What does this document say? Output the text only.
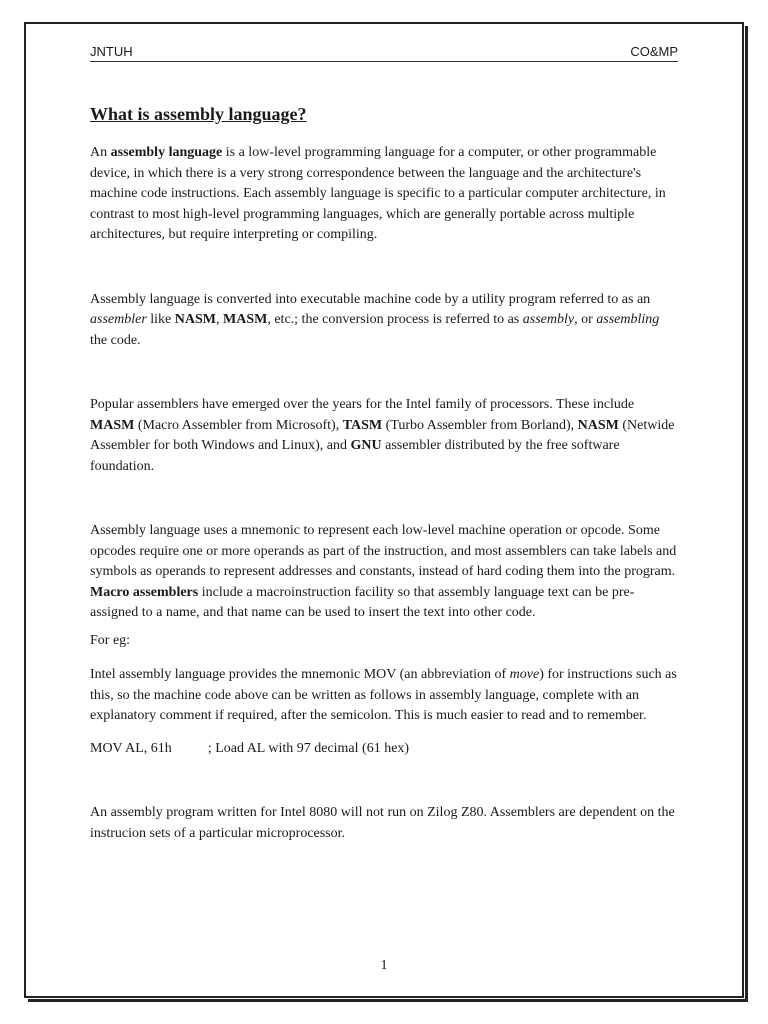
JNTUH	CO&MP
What is assembly language?

An assembly language is a low-level programming language for a computer, or other programmable device, in which there is a very strong correspondence between the language and the architecture's machine code instructions. Each assembly language is specific to a particular computer architecture, in contrast to most high-level programming languages, which are generally portable across multiple architectures, but require interpreting or compiling.

Assembly language is converted into executable machine code by a utility program referred to as an assembler like NASM, MASM, etc.; the conversion process is referred to as assembly, or assembling the code.

Popular assemblers have emerged over the years for the Intel family of processors. These include MASM (Macro Assembler from Microsoft), TASM (Turbo Assembler from Borland), NASM (Netwide Assembler for both Windows and Linux), and GNU assembler distributed by the free software foundation.

Assembly language uses a mnemonic to represent each low-level machine operation or opcode. Some opcodes require one or more operands as part of the instruction, and most assemblers can take labels and symbols as operands to represent addresses and constants, instead of hard coding them into the program. Macro assemblers include a macroinstruction facility so that assembly language text can be pre-assigned to a name, and that name can be used to insert the text into other code.

For eg:

Intel assembly language provides the mnemonic MOV (an abbreviation of move) for instructions such as this, so the machine code above can be written as follows in assembly language, complete with an explanatory comment if required, after the semicolon. This is much easier to read and to remember.

MOV AL, 61h	; Load AL with 97 decimal (61 hex)

An assembly program written for Intel 8080 will not run on Zilog Z80. Assemblers are dependent on the instrucion sets of a particular microprocessor.

1
